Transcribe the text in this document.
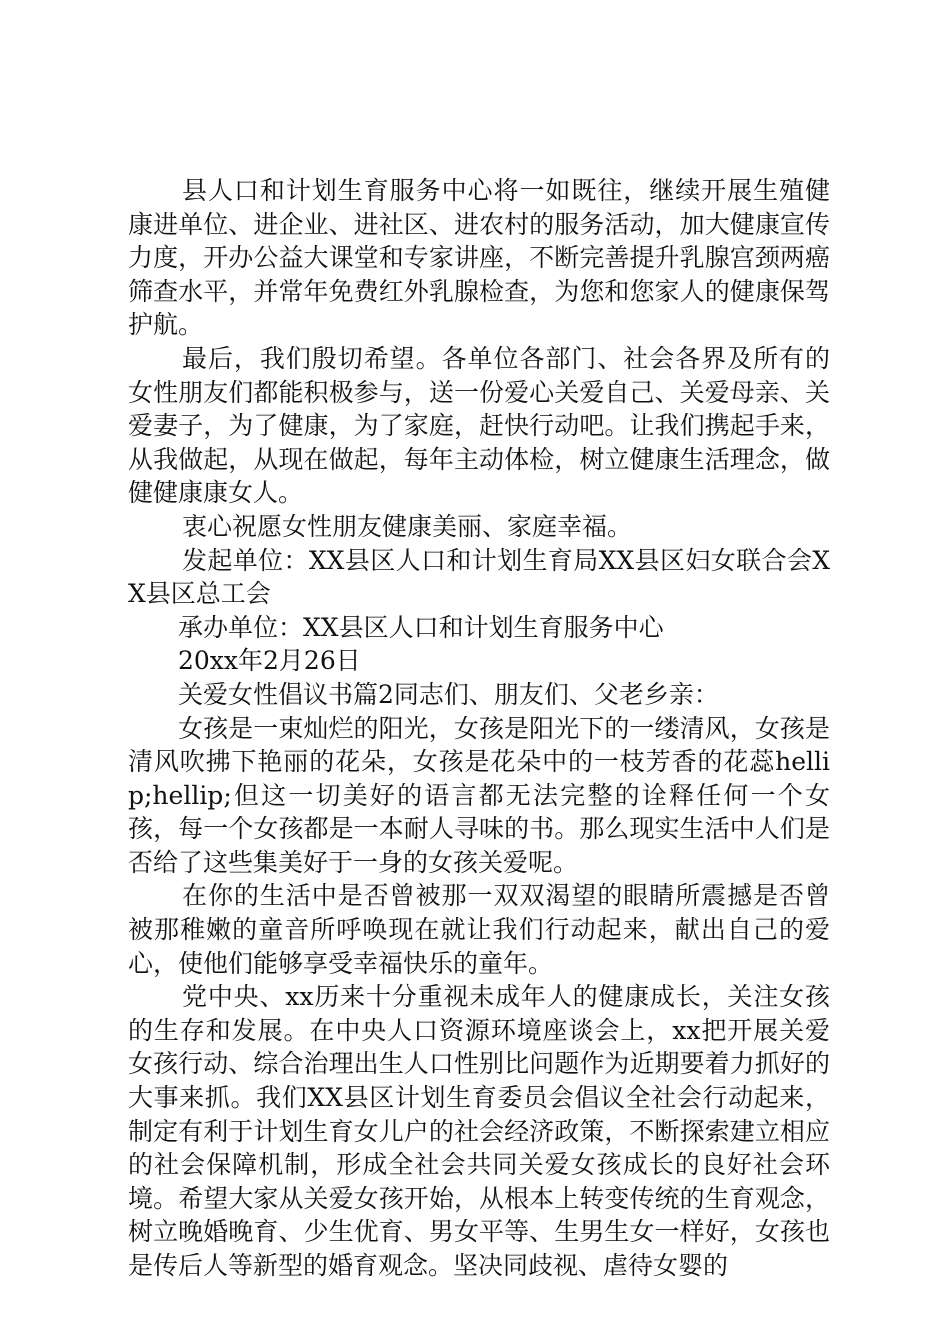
县人口和计划生育服务中心将一如既往，继续开展生殖健康进单位、进企业、进社区、进农村的服务活动，加大健康宣传力度，开办公益大课堂和专家讲座，不断完善提升乳腺宫颈两癌筛查水平，并常年免费红外乳腺检查，为您和您家人的健康保驾护航。

最后，我们殷切希望。各单位各部门、社会各界及所有的女性朋友们都能积极参与，送一份爱心关爱自己、关爱母亲、关爱妻子，为了健康，为了家庭，赶快行动吧。让我们携起手来，从我做起，从现在做起，每年主动体检，树立健康生活理念，做健健康康女人。

衷心祝愿女性朋友健康美丽、家庭幸福。

发起单位：XX县区人口和计划生育局XX县区妇女联合会XX县区总工会

承办单位：XX县区人口和计划生育服务中心

20xx年2月26日

关爱女性倡议书篇2同志们、朋友们、父老乡亲：

女孩是一束灿烂的阳光，女孩是阳光下的一缕清风，女孩是清风吹拂下艳丽的花朵，女孩是花朵中的一枝芳香的花蕊hellip;hellip;但这一切美好的语言都无法完整的诠释任何一个女孩，每一个女孩都是一本耐人寻味的书。那么现实生活中人们是否给了这些集美好于一身的女孩关爱呢。

在你的生活中是否曾被那一双双渴望的眼睛所震撼是否曾被那稚嫩的童音所呼唤现在就让我们行动起来，献出自己的爱心，使他们能够享受幸福快乐的童年。

党中央、xx历来十分重视未成年人的健康成长，关注女孩的生存和发展。在中央人口资源环境座谈会上，xx把开展关爱女孩行动、综合治理出生人口性别比问题作为近期要着力抓好的大事来抓。我们XX县区计划生育委员会倡议全社会行动起来，制定有利于计划生育女儿户的社会经济政策，不断探索建立相应的社会保障机制，形成全社会共同关爱女孩成长的良好社会环境。希望大家从关爱女孩开始，从根本上转变传统的生育观念，树立晚婚晚育、少生优育、男女平等、生男生女一样好，女孩也是传后人等新型的婚育观念。坚决同歧视、虐待女婴的
